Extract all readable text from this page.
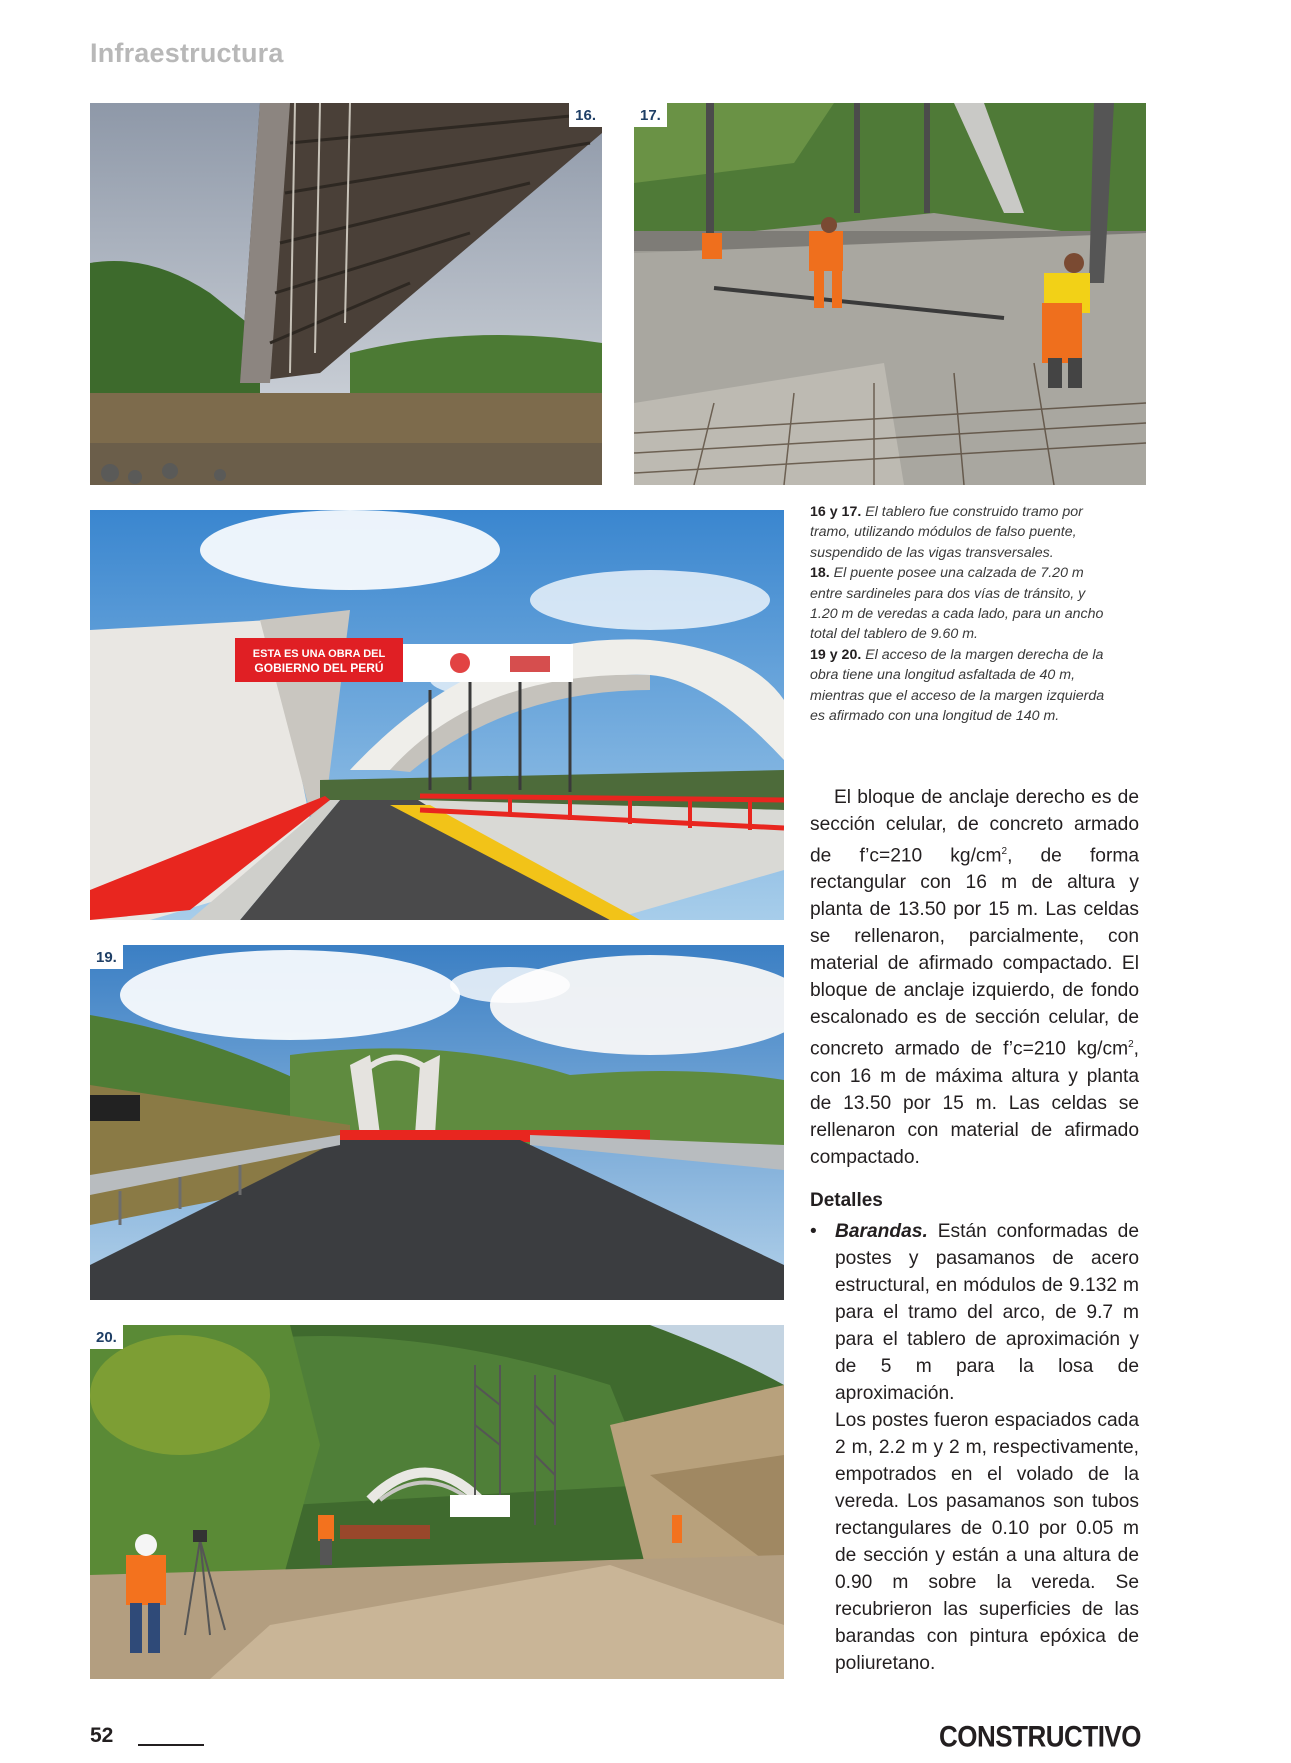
Infraestructura
16.	17.
ESTA ES UNA OBRA DEL
GOBIERNO DEL PERÚ
19.
20.
16 y 17. El tablero fue construido tramo por tramo, utilizando módulos de falso puente, suspendido de las vigas transversales.
18. El puente posee una calzada de 7.20 m entre sardineles para dos vías de tránsito, y 1.20 m de veredas a cada lado, para un ancho total del tablero de 9.60 m.
19 y 20. El acceso de la margen derecha de la obra tiene una longitud asfaltada de 40 m, mientras que el acceso de la margen izquierda es afirmado con una longitud de 140 m.

El bloque de anclaje derecho es de sección celular, de concreto armado de f’c=210 $kg/cm^2$, de forma rectangular con 16 m de altura y planta de 13.50 por 15 m. Las celdas se rellenaron, parcialmente, con material de afirmado compactado. El bloque de anclaje izquierdo, de fondo escalonado es de sección celular, de concreto armado de f’c=210 $kg/cm^2$, con 16 m de máxima altura y planta de 13.50 por 15 m. Las celdas se rellenaron con material de afirmado compactado.

Detalles
• Barandas. Están conformadas de postes y pasamanos de acero estructural, en módulos de 9.132 m para el tramo del arco, de 9.7 m para el tablero de aproximación y de 5 m para la losa de aproximación.

Los postes fueron espaciados cada 2 m, 2.2 m y 2 m, respectivamente, empotrados en el volado de la vereda. Los pasamanos son tubos rectangulares de 0.10 por 0.05 m de sección y están a una altura de 0.90 m sobre la vereda. Se recubrieron las superficies de las barandas con pintura epóxica de poliuretano.

52	CONSTRUCTIVO
